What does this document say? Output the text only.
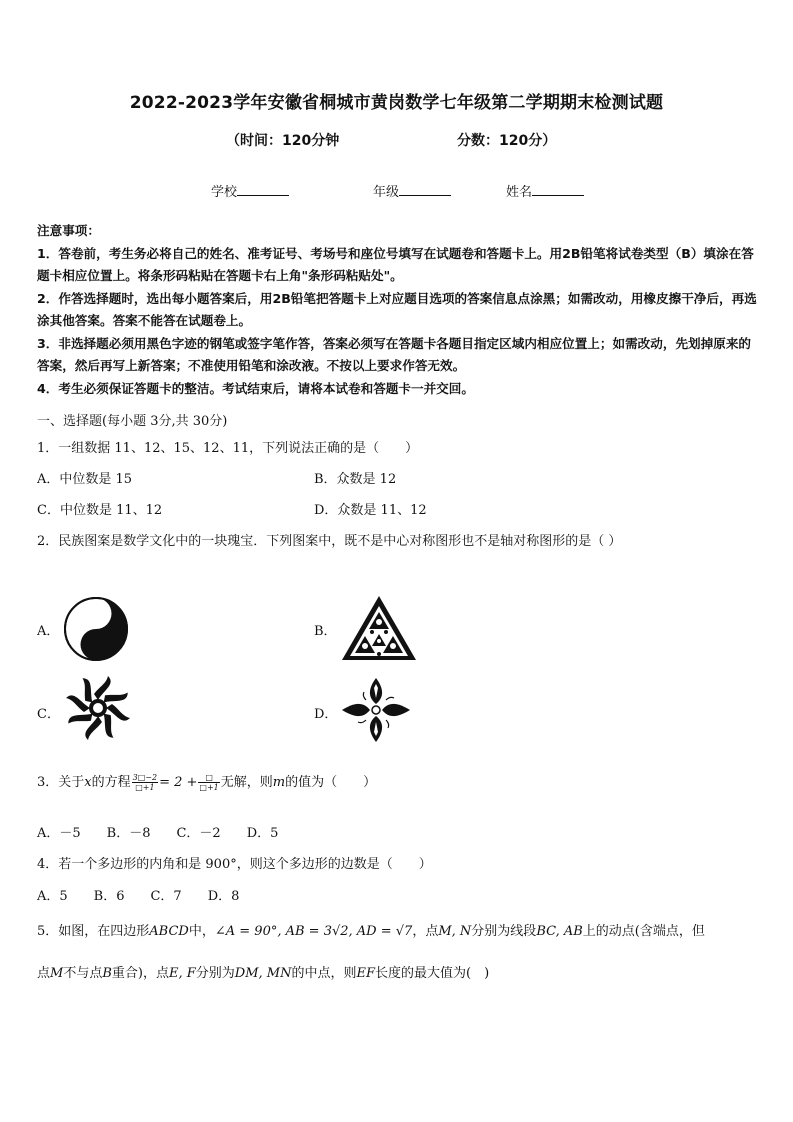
2022-2023学年安徽省桐城市黄岗数学七年级第二学期期末检测试题
（时间：120分钟	分数：120分）
学校	年级	姓名

注意事项：

1．答卷前，考生务必将自己的姓名、准考证号、考场号和座位号填写在试题卷和答题卡上。用2B铅笔将试卷类型（B）填涂在答题卡相应位置上。将条形码粘贴在答题卡右上角"条形码粘贴处"。

2．作答选择题时，选出每小题答案后，用2B铅笔把答题卡上对应题目选项的答案信息点涂黑；如需改动，用橡皮擦干净后，再选涂其他答案。答案不能答在试题卷上。

3．非选择题必须用黑色字迹的钢笔或签字笔作答，答案必须写在答题卡各题目指定区域内相应位置上；如需改动，先划掉原来的答案，然后再写上新答案；不准使用铅笔和涂改液。不按以上要求作答无效。

4．考生必须保证答题卡的整洁。考试结束后，请将本试卷和答题卡一并交回。

一、选择题(每小题 3分,共 30分)
1．一组数据 11、12、15、12、11，下列说法正确的是（　　）
A．中位数是 15	B．众数是 12
C．中位数是 11、12	D．众数是 11、12
2．民族图案是数学文化中的一块瑰宝．下列图案中，既不是中心对称图形也不是轴对称图形的是（ ）
A．	B．
C．	D．
3．关于x的方程 $\frac{3□-2}{□+1} = 2 + \frac{□}{□+1}$ 无解，则m的值为（　　）
A．－5　　B．－8　　C．－2　　D．5
4．若一个多边形的内角和是 900°，则这个多边形的边数是（　　）
A．5　　B．6　　C．7　　D．8
5．如图，在四边形ABCD中，∠A = 90°, AB = 3√2, AD = √7，点M, N分别为线段BC, AB上的动点(含端点，但
点M不与点B重合)，点E, F分别为DM, MN的中点，则EF长度的最大值为(　)
